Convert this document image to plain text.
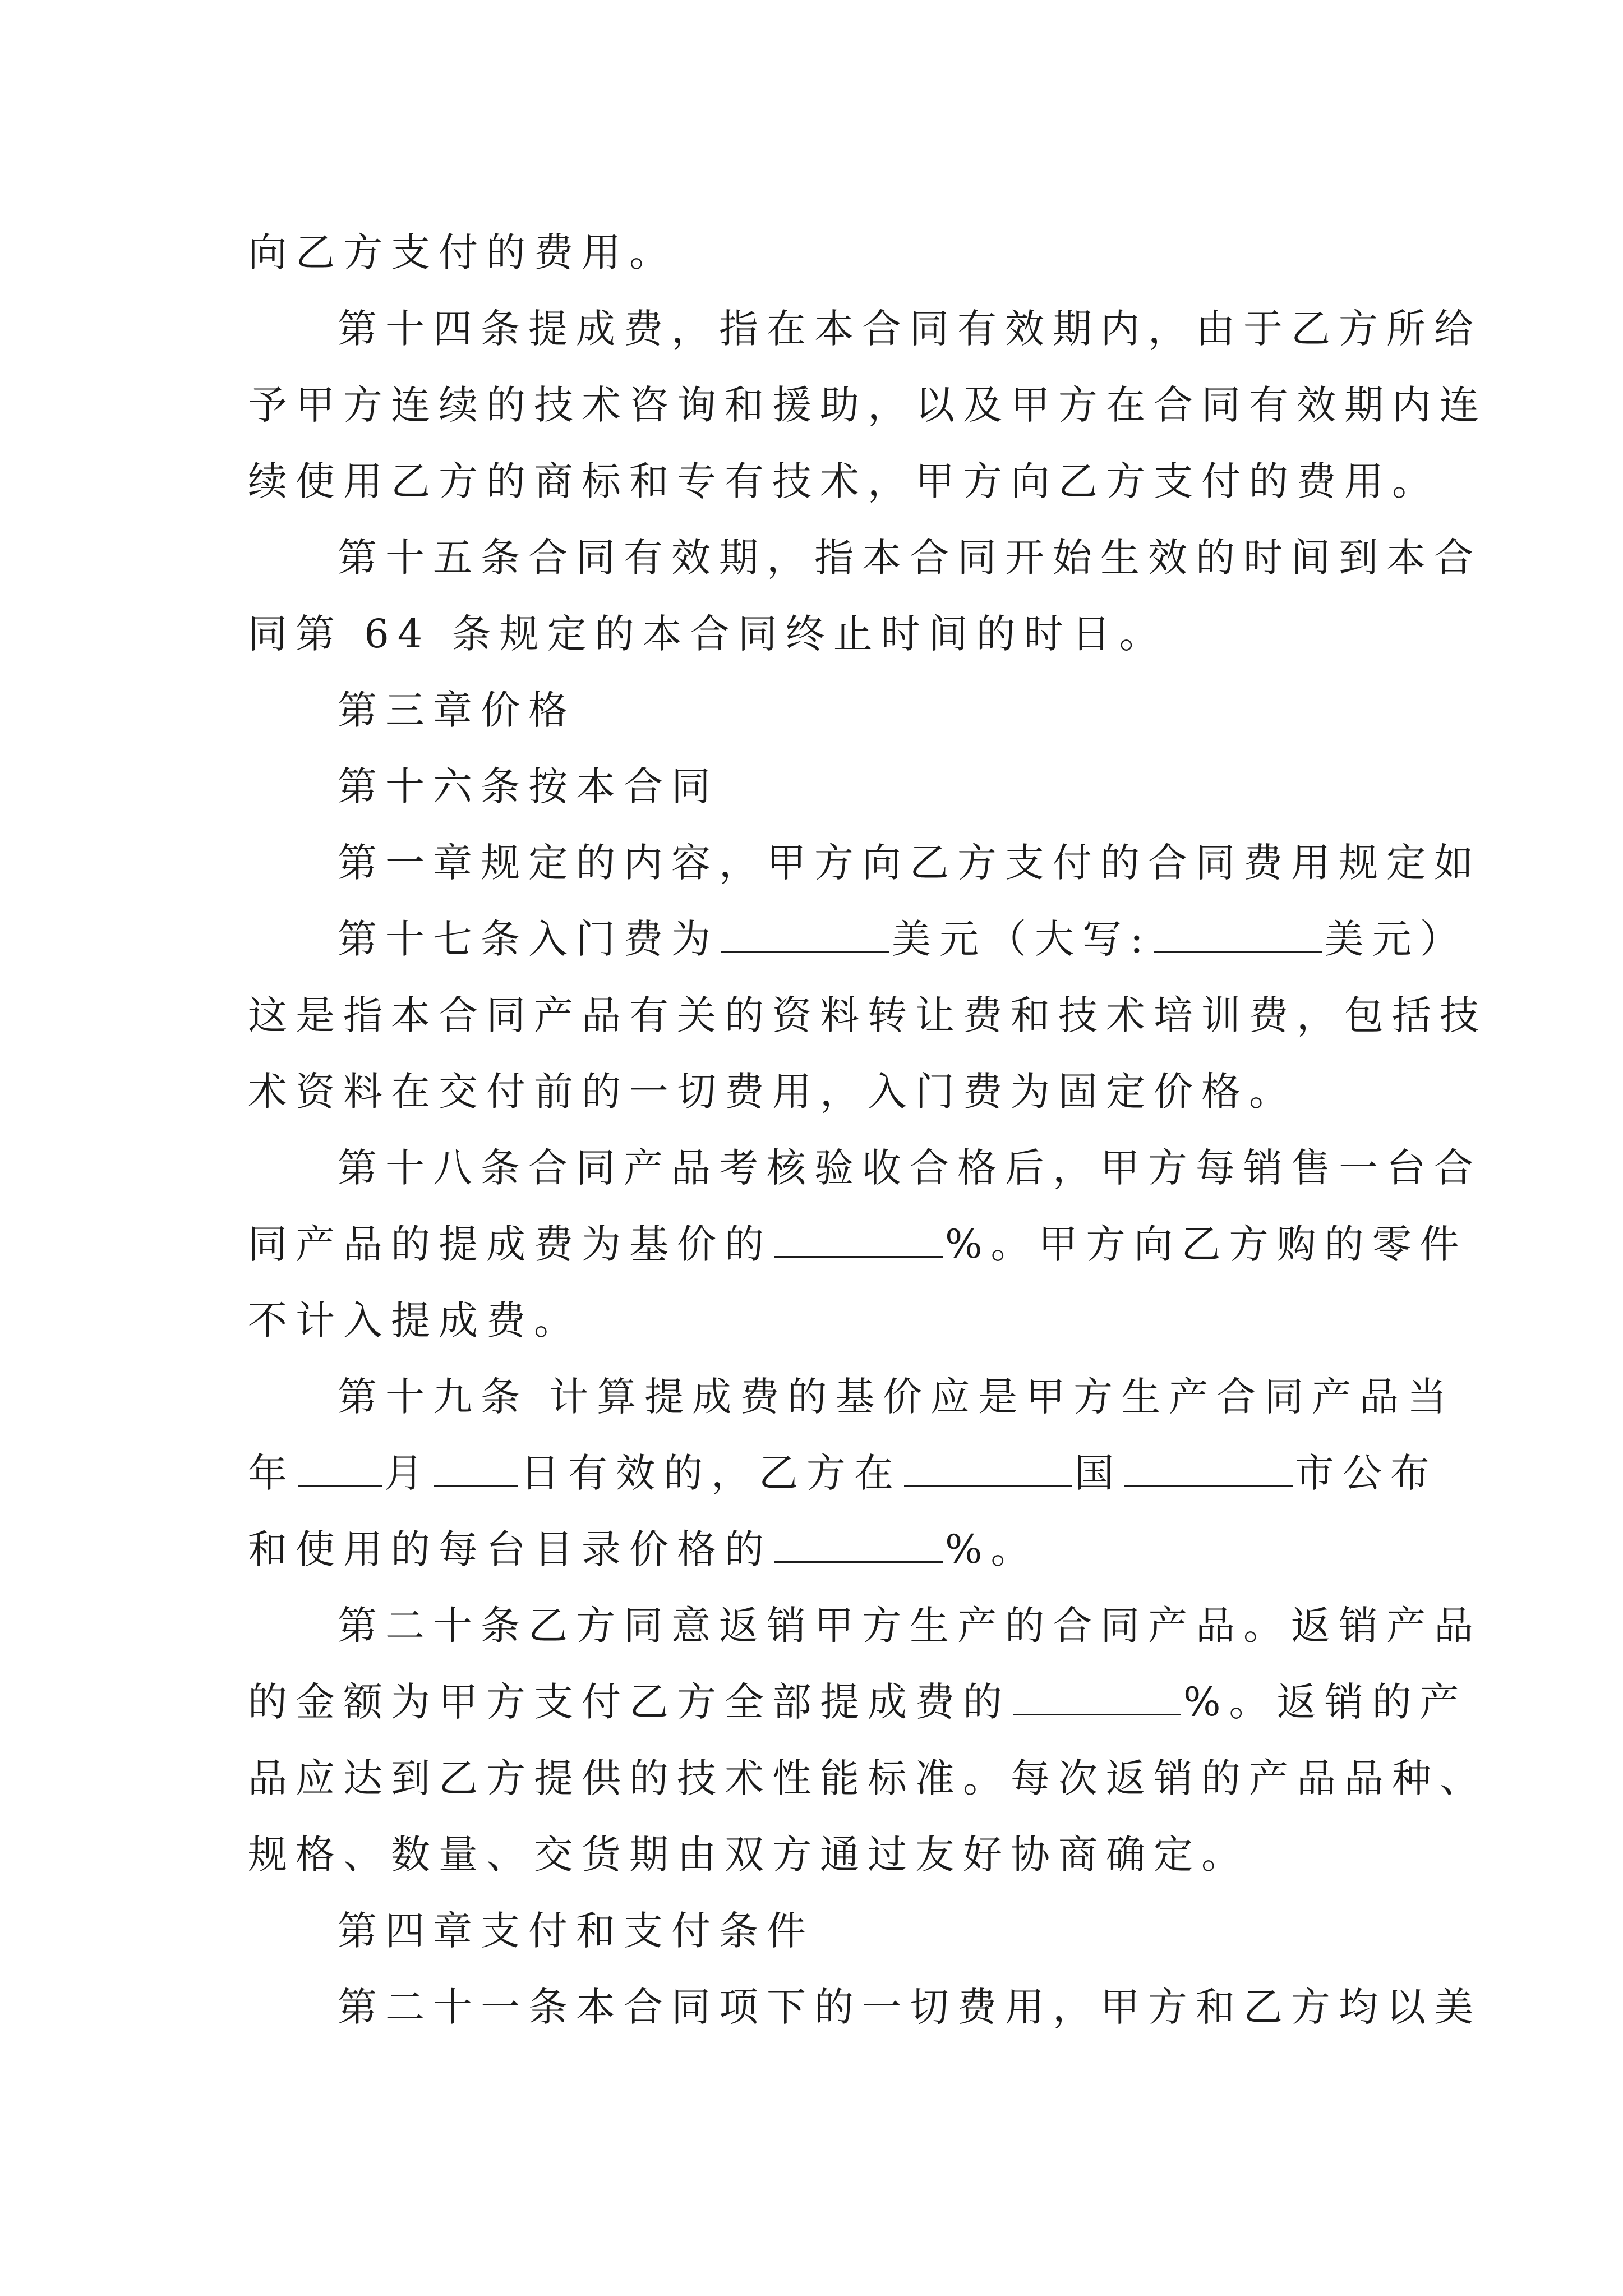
向乙方支付的费用。
第十四条提成费，指在本合同有效期内，由于乙方所给
予甲方连续的技术咨询和援助，以及甲方在合同有效期内连
续使用乙方的商标和专有技术，甲方向乙方支付的费用。
第十五条合同有效期，指本合同开始生效的时间到本合
同第 64 条规定的本合同终止时间的时日。
第三章价格
第十六条按本合同
第一章规定的内容，甲方向乙方支付的合同费用规定如
第十七条入门费为	美元（大写:	美元）
这是指本合同产品有关的资料转让费和技术培训费，包括技
术资料在交付前的一切费用，入门费为固定价格。
第十八条合同产品考核验收合格后，甲方每销售一台合
同产品的提成费为基价的	%。甲方向乙方购的零件
不计入提成费。
第十九条 计算提成费的基价应是甲方生产合同产品当
年 月 日有效的，乙方在	国	市公布
和使用的每台目录价格的	%。
第二十条乙方同意返销甲方生产的合同产品。返销产品
的金额为甲方支付乙方全部提成费的	%。返销的产
品应达到乙方提供的技术性能标准。每次返销的产品品种、
规格、数量、交货期由双方通过友好协商确定。
第四章支付和支付条件
第二十一条本合同项下的一切费用，甲方和乙方均以美
